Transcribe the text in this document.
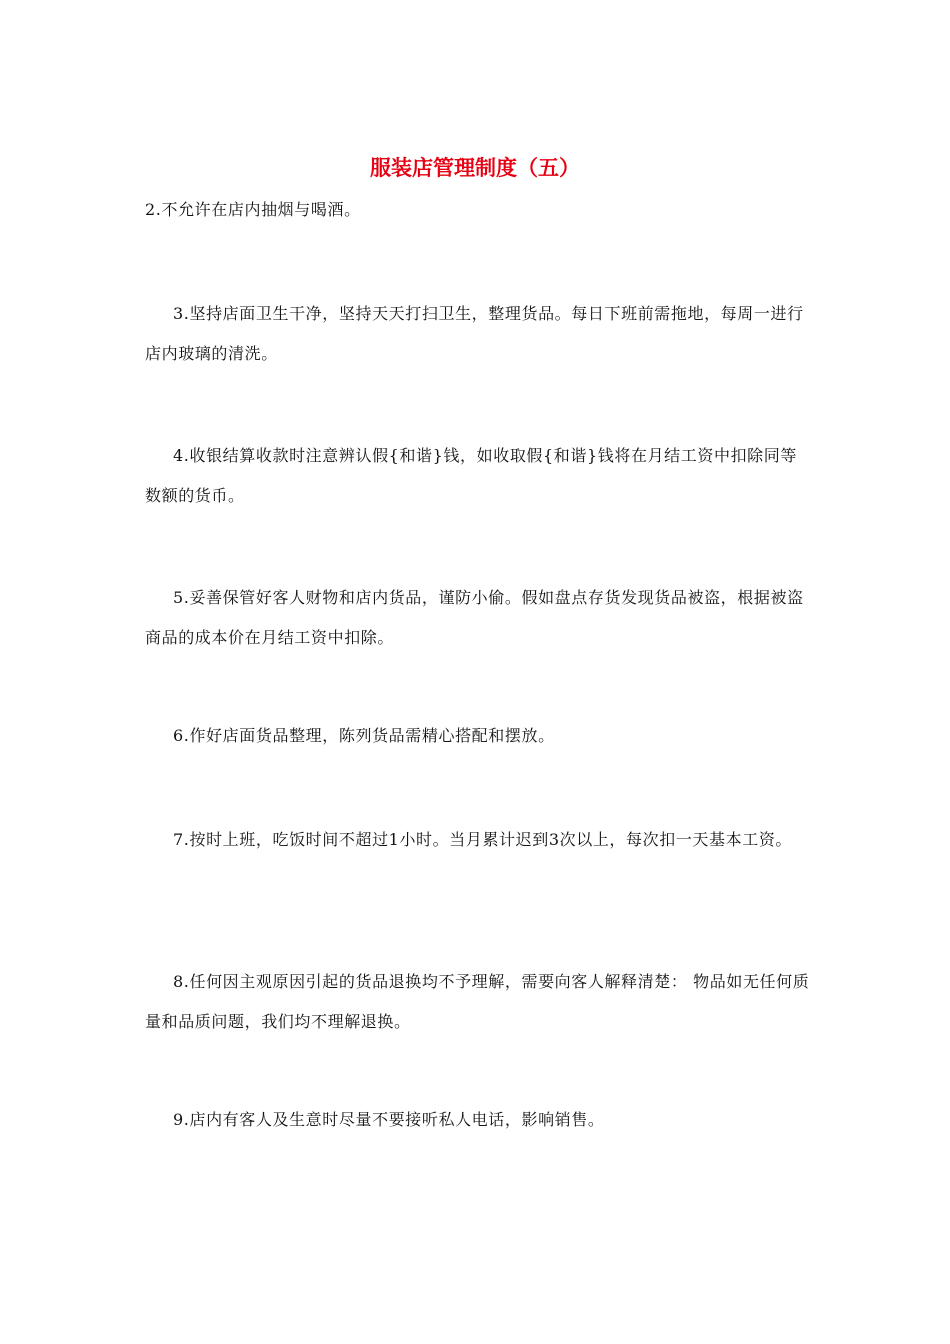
服装店管理制度（五）
2.不允许在店内抽烟与喝酒。
3.坚持店面卫生干净，坚持天天打扫卫生，整理货品。每日下班前需拖地，每周一进行店内玻璃的清洗。
4.收银结算收款时注意辨认假{和谐}钱，如收取假{和谐}钱将在月结工资中扣除同等数额的货币。
5.妥善保管好客人财物和店内货品，谨防小偷。假如盘点存货发现货品被盗，根据被盗商品的成本价在月结工资中扣除。
6.作好店面货品整理，陈列货品需精心搭配和摆放。
7.按时上班，吃饭时间不超过1小时。当月累计迟到3次以上，每次扣一天基本工资。
8.任何因主观原因引起的货品退换均不予理解，需要向客人解释清楚： 物品如无任何质量和品质问题，我们均不理解退换。
9.店内有客人及生意时尽量不要接听私人电话，影响销售。
